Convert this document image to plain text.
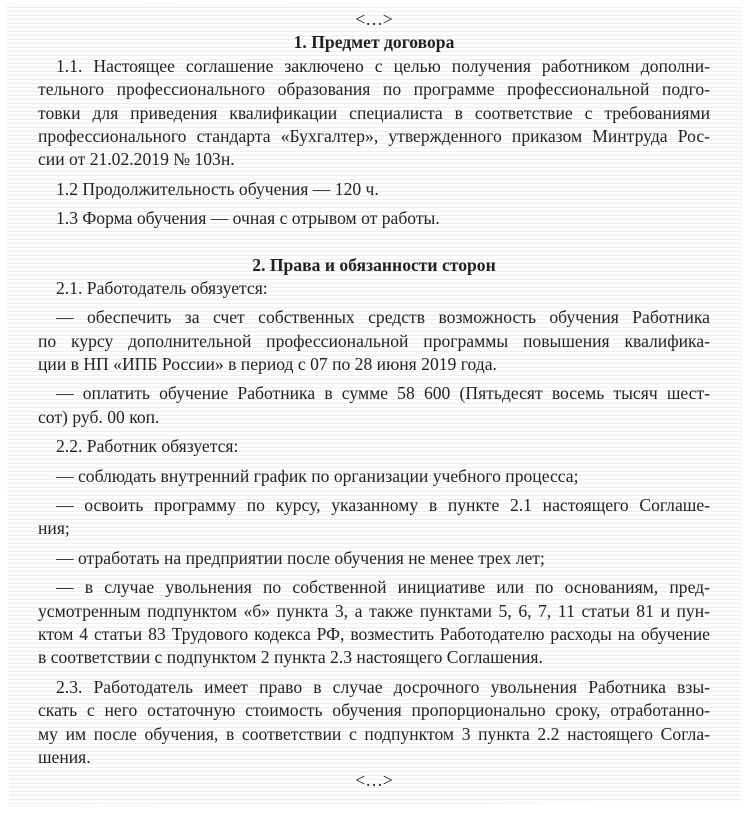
<…>
1. Предмет договора
1.1. Настоящее соглашение заключено с целью получения работником дополни-
тельного профессионального образования по программе профессиональной подго-
товки для приведения квалификации специалиста в соответствие с требованиями
профессионального стандарта «Бухгалтер», утвержденного приказом Минтруда Рос-
сии от 21.02.2019 № 103н.
1.2 Продолжительность обучения — 120 ч.
1.3 Форма обучения — очная с отрывом от работы.
2. Права и обязанности сторон
2.1. Работодатель обязуется:
— обеспечить за счет собственных средств возможность обучения Работника
по курсу дополнительной профессиональной программы повышения квалифика-
ции в НП «ИПБ России» в период с 07 по 28 июня 2019 года.
— оплатить обучение Работника в сумме 58 600 (Пятьдесят восемь тысяч шест-
сот) руб. 00 коп.
2.2. Работник обязуется:
— соблюдать внутренний график по организации учебного процесса;
— освоить программу по курсу, указанному в пункте 2.1 настоящего Соглаше-
ния;
— отработать на предприятии после обучения не менее трех лет;
— в случае увольнения по собственной инициативе или по основаниям, пред-
усмотренным подпунктом «б» пункта 3, а также пунктами 5, 6, 7, 11 статьи 81 и пун-
ктом 4 статьи 83 Трудового кодекса РФ, возместить Работодателю расходы на обучение
в соответствии с подпунктом 2 пункта 2.3 настоящего Соглашения.
2.3. Работодатель имеет право в случае досрочного увольнения Работника взы-
скать с него остаточную стоимость обучения пропорционально сроку, отработанно-
му им после обучения, в соответствии с подпунктом 3 пункта 2.2 настоящего Согла-
шения.
<…>
